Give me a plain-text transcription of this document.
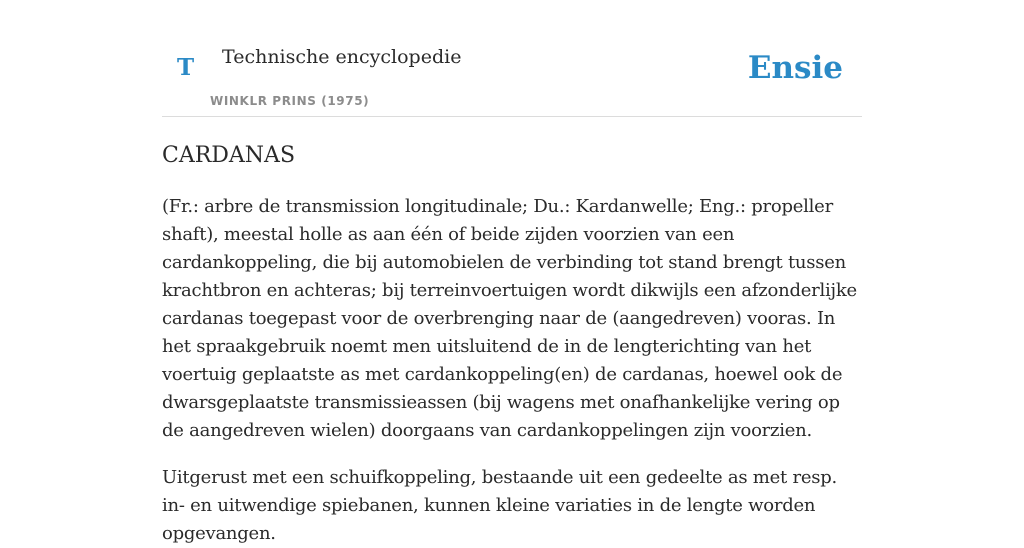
T Technische encyclopedie
WINKLR PRINS (1975)
Ensie
CARDANAS

(Fr.: arbre de transmission longitudinale; Du.: Kardanwelle; Eng.: propeller shaft), meestal holle as aan één of beide zijden voorzien van een cardankoppeling, die bij automobielen de verbinding tot stand brengt tussen krachtbron en achteras; bij terreinvoertuigen wordt dikwijls een afzonderlijke cardanas toegepast voor de overbrenging naar de (aangedreven) vooras. In het spraakgebruik noemt men uitsluitend de in de lengterichting van het voertuig geplaatste as met cardankoppeling(en) de cardanas, hoewel ook de dwarsgeplaatste transmissieassen (bij wagens met onafhankelijke vering op de aangedreven wielen) doorgaans van cardankoppelingen zijn voorzien.

Uitgerust met een schuifkoppeling, bestaande uit een gedeelte as met resp. in- en uitwendige spiebanen, kunnen kleine variaties in de lengte worden opgevangen.
